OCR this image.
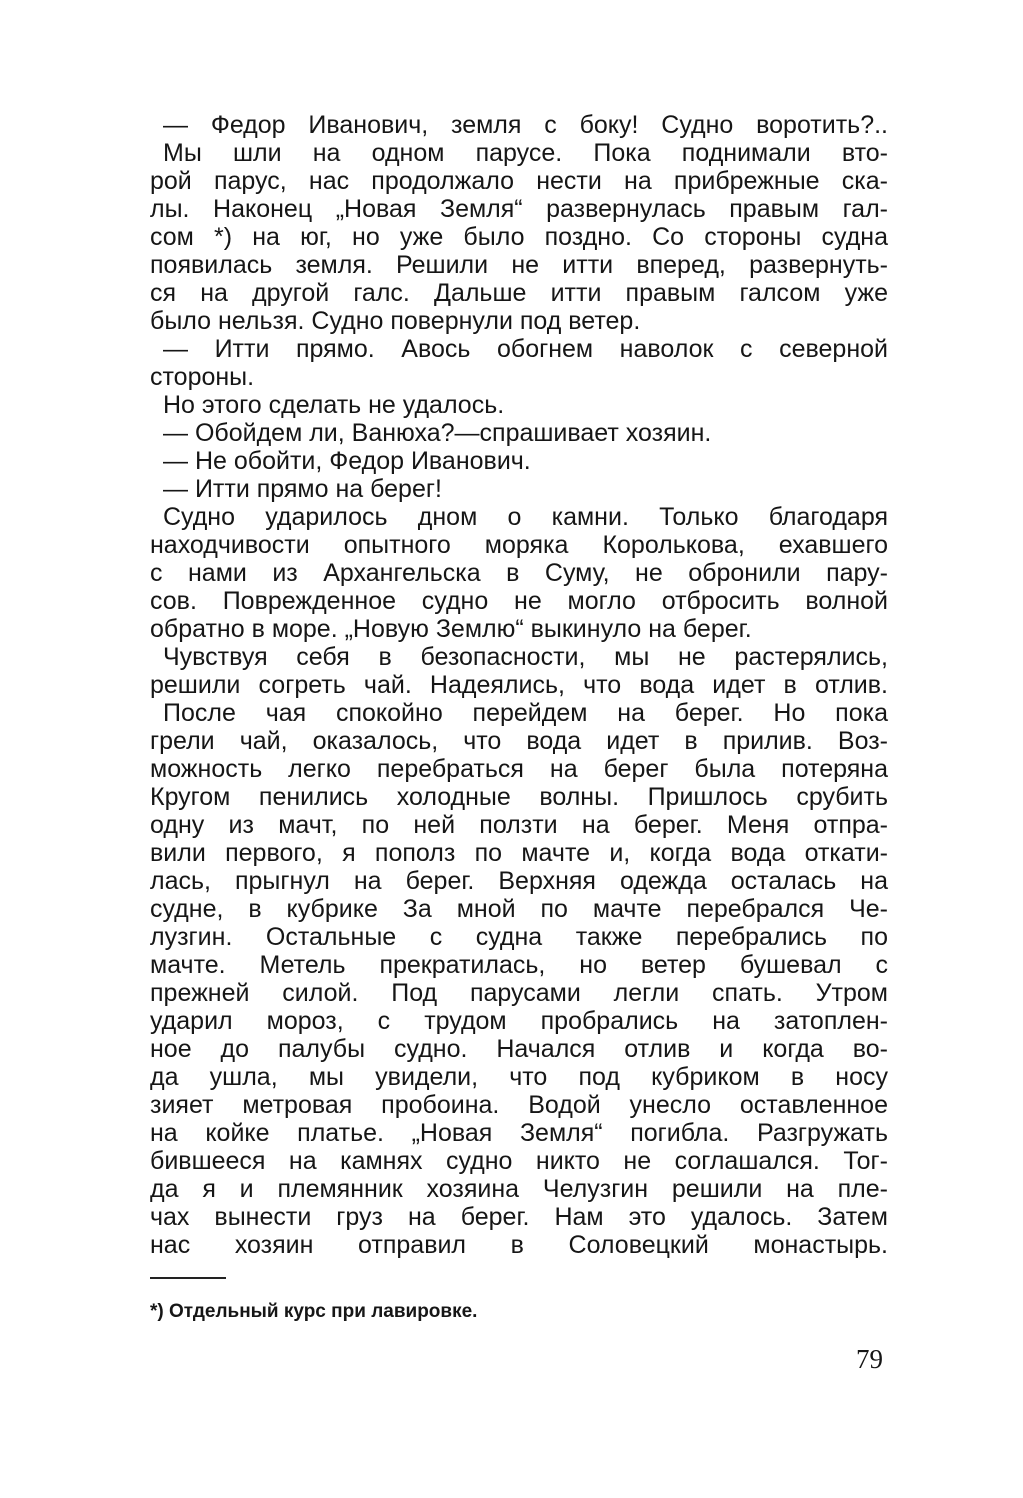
— Федор Иванович, земля с боку! Судно воротить?..
Мы шли на одном парусе. Пока поднимали вто-
рой парус, нас продолжало нести на прибрежные ска-
лы. Наконец „Новая Земля“ развернулась правым гал-
сом *) на юг, но уже было поздно. Со стороны судна
появилась земля. Решили не итти вперед, развернуть-
ся на другой галс. Дальше итти правым галсом уже
было нельзя. Судно повернули под ветер.
— Итти прямо. Авось обогнем наволок с северной
стороны.
Но этого сделать не удалось.
— Обойдем ли, Ванюха?—спрашивает хозяин.
— Не обойти, Федор Иванович.
— Итти прямо на берег!
Судно ударилось дном о камни. Только благодаря
находчивости опытного моряка Королькова, ехавшего
с нами из Архангельска в Суму, не обронили пару-
сов. Поврежденное судно не могло отбросить волной
обратно в море. „Новую Землю“ выкинуло на берег.
Чувствуя себя в безопасности, мы не растерялись,
решили согреть чай. Надеялись, что вода идет в отлив.
После чая спокойно перейдем на берег. Но пока
грели чай, оказалось, что вода идет в прилив. Воз-
можность легко перебраться на берег была потеряна
Кругом пенились холодные волны. Пришлось срубить
одну из мачт, по ней ползти на берег. Меня отпра-
вили первого, я пополз по мачте и, когда вода откати-
лась, прыгнул на берег. Верхняя одежда осталась на
судне, в кубрике За мной по мачте перебрался Че-
лузгин. Остальные с судна также перебрались по
мачте. Метель прекратилась, но ветер бушевал с
прежней силой. Под парусами легли спать. Утром
ударил мороз, с трудом пробрались на затоплен-
ное до палубы судно. Начался отлив и когда во-
да ушла, мы увидели, что под кубриком в носу
зияет метровая пробоина. Водой унесло оставленное
на койке платье. „Новая Земля“ погибла. Разгружать
бившееся на камнях судно никто не соглашался. Тог-
да я и племянник хозяина Челузгин решили на пле-
чах вынести груз на берег. Нам это удалось. Затем
нас хозяин отправил в Соловецкий монастырь.
*) Отдельный курс при лавировке.
79
